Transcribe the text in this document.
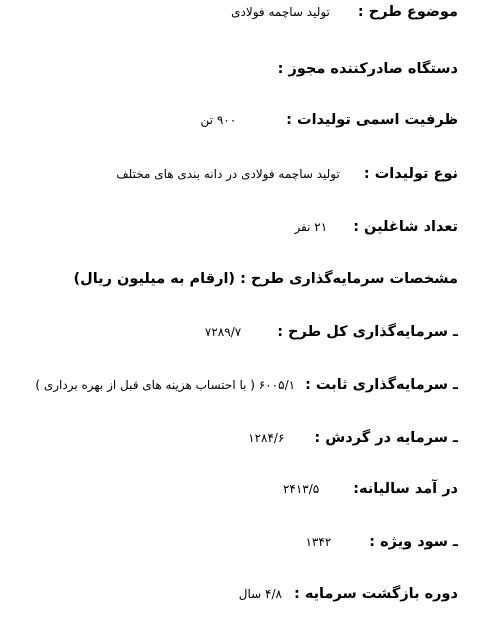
موضوع طرح :
تولید ساچمه فولادی
دستگاه صادرکننده مجوز :
ظرفیت اسمی تولیدات :
۹۰۰ تن
نوع تولیدات :
تولید ساچمه فولادی در دانه بندی های مختلف
تعداد شاغلین :
۲۱ نفر
مشخصات سرمایه‌گذاری طرح : (ارقام به میلیون ریال)
ـ سرمایه‌گذاری کل طرح :
۷۲۸۹/۷
ـ سرمایه‌گذاری ثابت :
۶۰۰۵/۱ ( با احتساب هزینه های قبل از بهره برداری )
ـ سرمایه در گردش :
۱۲۸۴/۶
در آمد سالیانه:
۲۴۱۳/۵
ـ سود ویژه :
۱۳۴۲
دوره بازگشت سرمایه :
۴/۸ سال
